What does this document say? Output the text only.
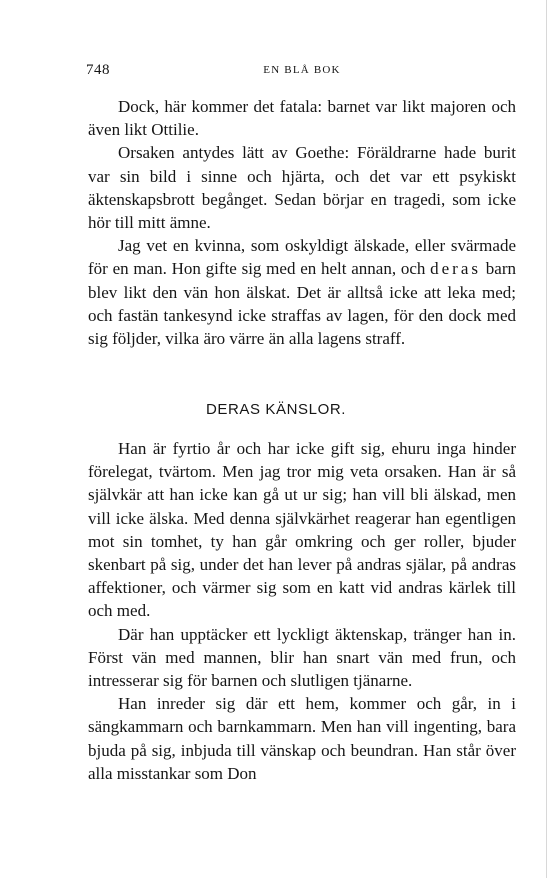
748	EN BLÅ BOK

Dock, här kommer det fatala: barnet var likt majoren och även likt Ottilie.

Orsaken antydes lätt av Goethe: Föräldrarne hade burit var sin bild i sinne och hjärta, och det var ett psykiskt äktenskapsbrott begånget. Sedan börjar en tragedi, som icke hör till mitt ämne.

Jag vet en kvinna, som oskyldigt älskade, eller svärmade för en man. Hon gifte sig med en helt annan, och deras barn blev likt den vän hon älskat. Det är alltså icke att leka med; och fastän tankesynd icke straffas av lagen, för den dock med sig följder, vilka äro värre än alla lagens straff.

DERAS KÄNSLOR.

Han är fyrtio år och har icke gift sig, ehuru inga hinder förelegat, tvärtom. Men jag tror mig veta orsaken. Han är så självkär att han icke kan gå ut ur sig; han vill bli älskad, men vill icke älska. Med denna självkärhet reagerar han egentligen mot sin tomhet, ty han går omkring och ger roller, bjuder skenbart på sig, under det han lever på andras själar, på andras affektioner, och värmer sig som en katt vid andras kärlek till och med.

Där han upptäcker ett lyckligt äktenskap, tränger han in. Först vän med mannen, blir han snart vän med frun, och intresserar sig för barnen och slutligen tjänarne.

Han inreder sig där ett hem, kommer och går, in i sängkammarn och barnkammarn. Men han vill ingenting, bara bjuda på sig, inbjuda till vänskap och beundran. Han står över alla misstankar som Don
